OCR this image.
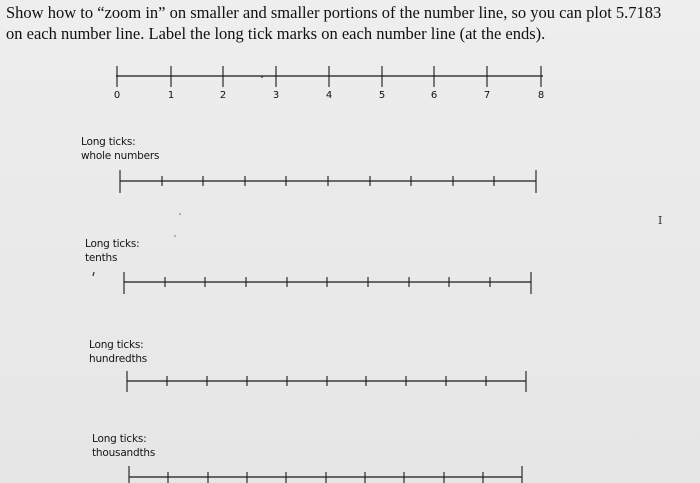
Show how to “zoom in” on smaller and smaller portions of the number line, so you can plot 5.7183
on each number line. Label the long tick marks on each number line (at the ends).
0	1	2	3	4	5	6	7	8
Long ticks:
whole numbers
Long ticks:
tenths
Long ticks:
hundredths
Long ticks:
thousandths
I
